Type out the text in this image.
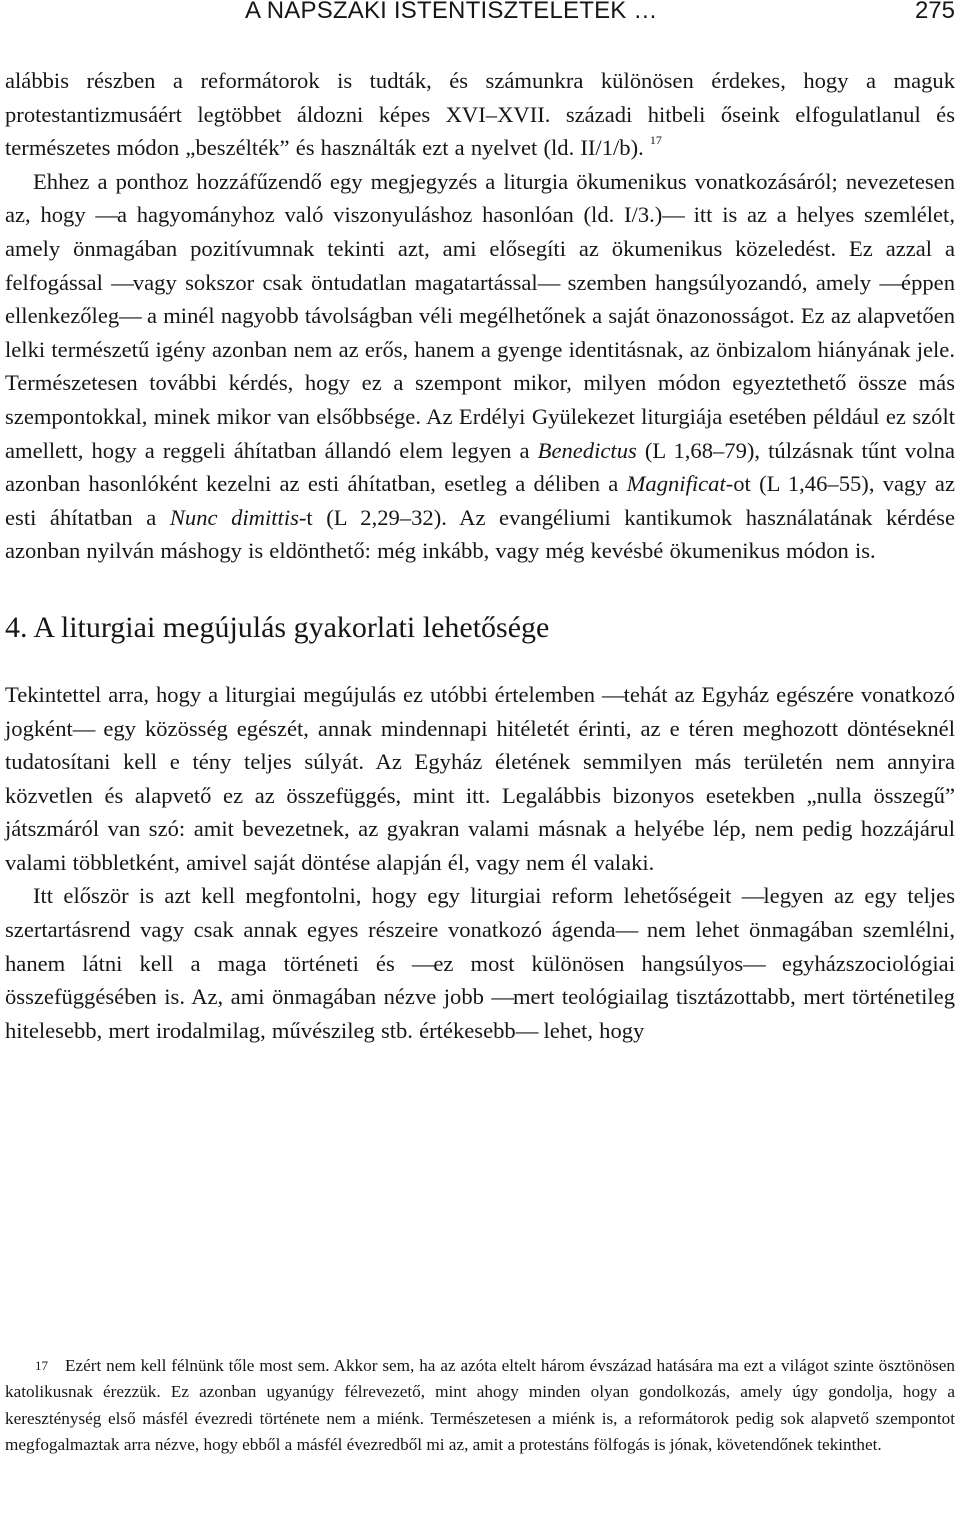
A NAPSZAKI ISTENTISZTELETEK …	275

alábbis részben a reformátorok is tudták, és számunkra különösen érdekes, hogy a maguk protestantizmusáért legtöbbet áldozni képes XVI–XVII. századi hitbeli őseink elfogulatlanul és természetes módon „beszélték” és használták ezt a nyelvet (ld. II/1/b). $^{17}$

Ehhez a ponthoz hozzáfűzendő egy megjegyzés a liturgia ökumenikus vonatkozásáról; nevezetesen az, hogy —a hagyományhoz való viszonyuláshoz hasonlóan (ld. I/3.)— itt is az a helyes szemlélet, amely önmagában pozitívumnak tekinti azt, ami elősegíti az ökumenikus közeledést. Ez azzal a felfogással —vagy sokszor csak öntudatlan magatartással— szemben hangsúlyozandó, amely —éppen ellenkezőleg— a minél nagyobb távolságban véli megélhetőnek a saját önazonosságot. Ez az alapvetően lelki természetű igény azonban nem az erős, hanem a gyenge identitásnak, az önbizalom hiányának jele. Természetesen további kérdés, hogy ez a szempont mikor, milyen módon egyeztethető össze más szempontokkal, minek mikor van elsőbbsége. Az Erdélyi Gyülekezet liturgiája esetében például ez szólt amellett, hogy a reggeli áhítatban állandó elem legyen a Benedictus (L 1,68–79), túlzásnak tűnt volna azonban hasonlóként kezelni az esti áhítatban, esetleg a déliben a Magnificat-ot (L 1,46–55), vagy az esti áhítatban a Nunc dimittis-t (L 2,29–32). Az evangéliumi kantikumok használatának kérdése azonban nyilván máshogy is eldönthető: még inkább, vagy még kevésbé ökumenikus módon is.

4. A liturgiai megújulás gyakorlati lehetősége

Tekintettel arra, hogy a liturgiai megújulás ez utóbbi értelemben —tehát az Egyház egészére vonatkozó jogként— egy közösség egészét, annak mindennapi hitéletét érinti, az e téren meghozott döntéseknél tudatosítani kell e tény teljes súlyát. Az Egyház életének semmilyen más területén nem annyira közvetlen és alapvető ez az összefüggés, mint itt. Legalábbis bizonyos esetekben „nulla összegű” játszmáról van szó: amit bevezetnek, az gyakran valami másnak a helyébe lép, nem pedig hozzájárul valami többletként, amivel saját döntése alapján él, vagy nem él valaki.

Itt először is azt kell megfontolni, hogy egy liturgiai reform lehetőségeit —legyen az egy teljes szertartásrend vagy csak annak egyes részeire vonatkozó ágenda— nem lehet önmagában szemlélni, hanem látni kell a maga történeti és —ez most különösen hangsúlyos— egyházszociológiai összefüggésében is. Az, ami önmagában nézve jobb —mert teológiailag tisztázottabb, mert történetileg hitelesebb, mert irodalmilag, művészileg stb. értékesebb— lehet, hogy

17 Ezért nem kell félnünk tőle most sem. Akkor sem, ha az azóta eltelt három évszázad hatására ma ezt a világot szinte ösztönösen katolikusnak érezzük. Ez azonban ugyanúgy félrevezető, mint ahogy minden olyan gondolkozás, amely úgy gondolja, hogy a kereszténység első másfél évezredi története nem a miénk. Természetesen a miénk is, a reformátorok pedig sok alapvető szempontot megfogalmaztak arra nézve, hogy ebből a másfél évezredből mi az, amit a protestáns fölfogás is jónak, követendőnek tekinthet.
